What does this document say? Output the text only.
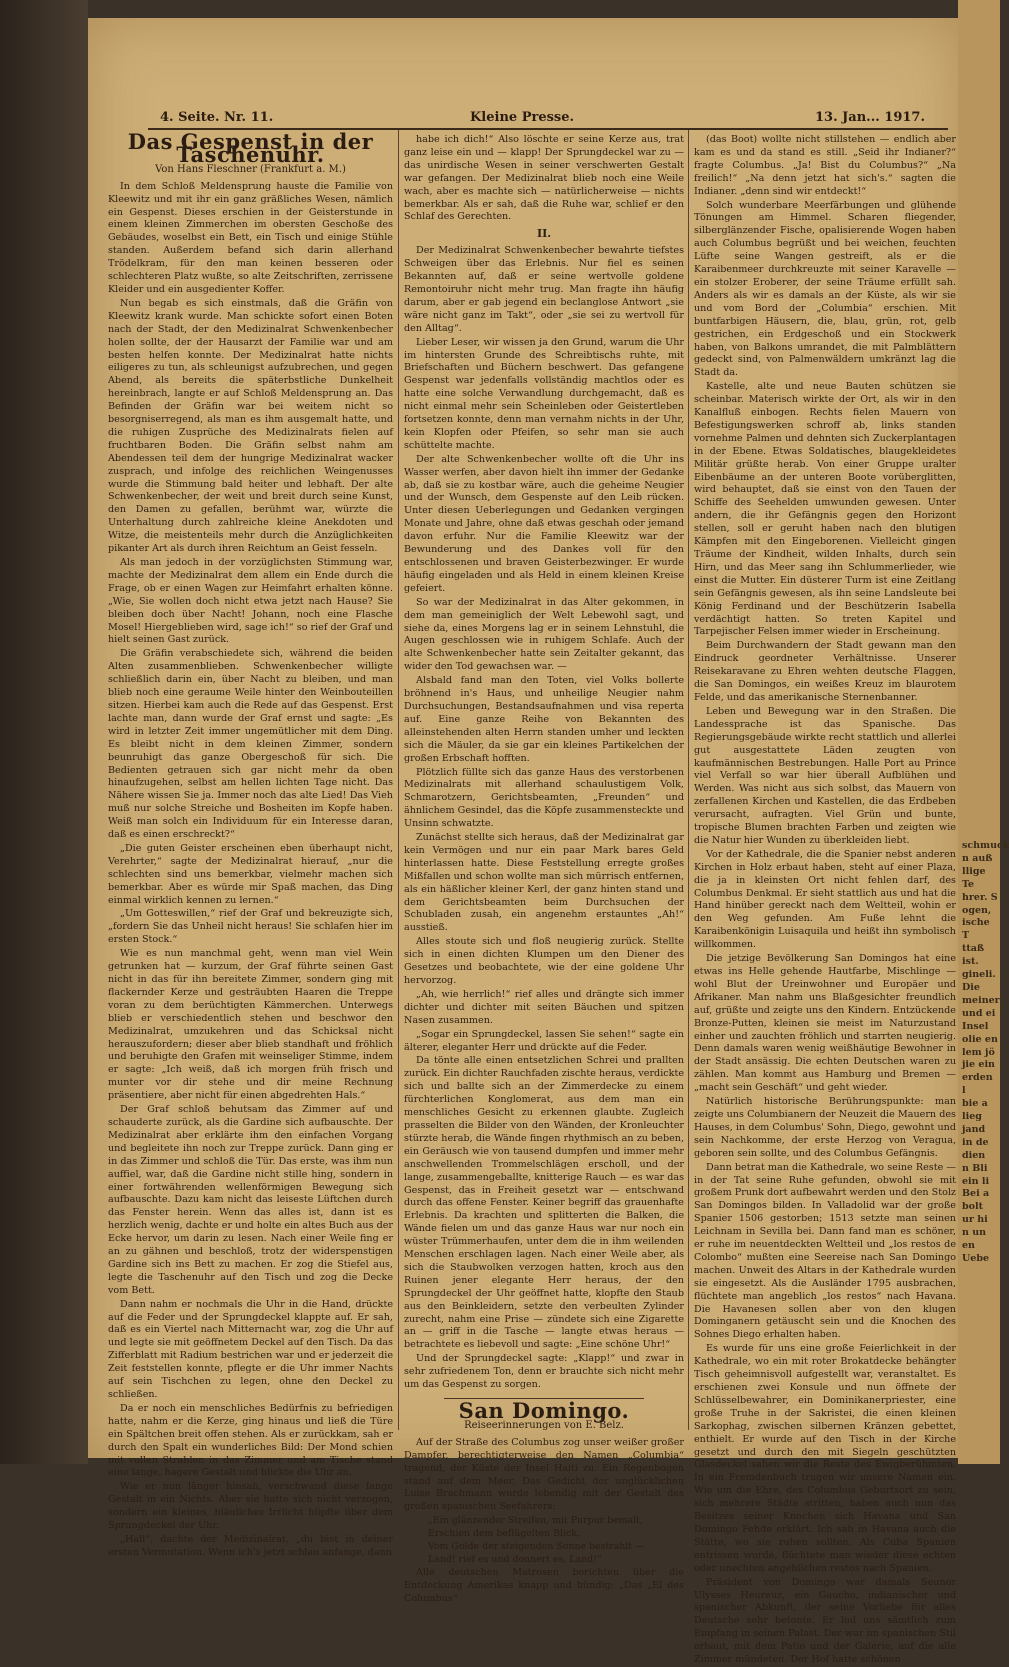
schmuck
n auß
llige Te
hrer. S
ogen,
ische T
ttaß
ist.
gineli.
Die
meiner
und ei
Insel
olie en
lem jö
jie ein
erden l
bie a
lieg
jand
in de
dien
n Bli
ein li
Bei a
bolt
ur hi
n un
en
Uebe
4. Seite. Nr. 11.	Kleine Presse.	13. Jan... 1917.
Das Gespenst in der Taschenuhr.
Von Hans Fleschner (Frankfurt a. M.)

In dem Schloß Meldensprung hauste die Familie von Kleewitz und mit ihr ein ganz gräßliches Wesen, nämlich ein Gespenst. Dieses erschien in der Geisterstunde in einem kleinen Zimmerchen im obersten Geschoße des Gebäudes, woselbst ein Bett, ein Tisch und einige Stühle standen. Außerdem befand sich darin allerhand Trödelkram, für den man keinen besseren oder schlechteren Platz wußte, so alte Zeitschriften, zerrissene Kleider und ein ausgedienter Koffer.

Nun begab es sich einstmals, daß die Gräfin von Kleewitz krank wurde. Man schickte sofort einen Boten nach der Stadt, der den Medizinalrat Schwenkenbecher holen sollte, der der Hausarzt der Familie war und am besten helfen konnte. Der Medizinalrat hatte nichts eiligeres zu tun, als schleunigst aufzubrechen, und gegen Abend, als bereits die späterbstliche Dunkelheit hereinbrach, langte er auf Schloß Meldensprung an. Das Befinden der Gräfin war bei weitem nicht so besorgniserregend, als man es ihm ausgemalt hatte, und die ruhigen Zusprüche des Medizinalrats fielen auf fruchtbaren Boden. Die Gräfin selbst nahm am Abendessen teil dem der hungrige Medizinalrat wacker zusprach, und infolge des reichlichen Weingenusses wurde die Stimmung bald heiter und lebhaft. Der alte Schwenkenbecher, der weit und breit durch seine Kunst, den Damen zu gefallen, berühmt war, würzte die Unterhaltung durch zahlreiche kleine Anekdoten und Witze, die meistenteils mehr durch die Anzüglichkeiten pikanter Art als durch ihren Reichtum an Geist fesseln.

Als man jedoch in der vorzüglichsten Stimmung war, machte der Medizinalrat dem allem ein Ende durch die Frage, ob er einen Wagen zur Heimfahrt erhalten könne. „Wie, Sie wollen doch nicht etwa jetzt nach Hause? Sie bleiben doch über Nacht! Johann, noch eine Flasche Mosel! Hiergeblieben wird, sage ich!“ so rief der Graf und hielt seinen Gast zurück.

Die Gräfin verabschiedete sich, während die beiden Alten zusammenblieben. Schwenkenbecher willigte schließlich darin ein, über Nacht zu bleiben, und man blieb noch eine geraume Weile hinter den Weinbouteillen sitzen. Hierbei kam auch die Rede auf das Gespenst. Erst lachte man, dann wurde der Graf ernst und sagte: „Es wird in letzter Zeit immer ungemütlicher mit dem Ding. Es bleibt nicht in dem kleinen Zimmer, sondern beunruhigt das ganze Obergeschoß für sich. Die Bedienten getrauen sich gar nicht mehr da oben hinaufzugehen, selbst am hellen lichten Tage nicht. Das Nähere wissen Sie ja. Immer noch das alte Lied! Das Vieh muß nur solche Streiche und Bosheiten im Kopfe haben. Weiß man solch ein Individuum für ein Interesse daran, daß es einen erschreckt?“

„Die guten Geister erscheinen eben überhaupt nicht, Verehrter,“ sagte der Medizinalrat hierauf, „nur die schlechten sind uns bemerkbar, vielmehr machen sich bemerkbar. Aber es würde mir Spaß machen, das Ding einmal wirklich kennen zu lernen.“

„Um Gotteswillen,“ rief der Graf und bekreuzigte sich, „fordern Sie das Unheil nicht heraus! Sie schlafen hier im ersten Stock.“

Wie es nun manchmal geht, wenn man viel Wein getrunken hat — kurzum, der Graf führte seinen Gast nicht in das für ihn bereitete Zimmer, sondern ging mit flackernder Kerze und gesträubten Haaren die Treppe voran zu dem berüchtigten Kämmerchen. Unterwegs blieb er verschiedentlich stehen und beschwor den Medizinalrat, umzukehren und das Schicksal nicht herauszufordern; dieser aber blieb standhaft und fröhlich und beruhigte den Grafen mit weinseliger Stimme, indem er sagte: „Ich weiß, daß ich morgen früh frisch und munter vor dir stehe und dir meine Rechnung präsentiere, aber nicht für einen abgedrehten Hals.“

Der Graf schloß behutsam das Zimmer auf und schauderte zurück, als die Gardine sich aufbauschte. Der Medizinalrat aber erklärte ihm den einfachen Vorgang und begleitete ihn noch zur Treppe zurück. Dann ging er in das Zimmer und schloß die Tür. Das erste, was ihm nun auffiel, war, daß die Gardine nicht stille hing, sondern in einer fortwährenden wellenförmigen Bewegung sich aufbauschte. Dazu kam nicht das leiseste Lüftchen durch das Fenster herein. Wenn das alles ist, dann ist es herzlich wenig, dachte er und holte ein altes Buch aus der Ecke hervor, um darin zu lesen. Nach einer Weile fing er an zu gähnen und beschloß, trotz der widerspenstigen Gardine sich ins Bett zu machen. Er zog die Stiefel aus, legte die Taschenuhr auf den Tisch und zog die Decke vom Bett.

Dann nahm er nochmals die Uhr in die Hand, drückte auf die Feder und der Sprungdeckel klappte auf. Er sah, daß es ein Viertel nach Mitternacht war, zog die Uhr auf und legte sie mit geöffnetem Deckel auf den Tisch. Da das Zifferblatt mit Radium bestrichen war und er jederzeit die Zeit feststellen konnte, pflegte er die Uhr immer Nachts auf sein Tischchen zu legen, ohne den Deckel zu schließen.

Da er noch ein menschliches Bedürfnis zu befriedigen hatte, nahm er die Kerze, ging hinaus und ließ die Türe ein Spältchen breit offen stehen. Als er zurückkam, sah er durch den Spalt ein wunderliches Bild: Der Mond schien mit vollen Strahlen in das Zimmer und am Tische stand eine lange, hagere Gestalt und blickte die Uhr an.

Wie er nun länger hinsah, verschwand diese lange Gestalt in ein Nichts. Aber sie hatte sich nicht verzogen, sondern ein kleines, bläuliches Irrlicht hüpfte über dem Sprungdeckel der Uhr.

„Hall“, dachte der Medizinalrat, „du bist in deiner ersten Vermutation. Wenn ich's jetzt schlau anfange, dann

habe ich dich!“ Also löschte er seine Kerze aus, trat ganz leise ein und — klapp! Der Sprungdeckel war zu — das unirdische Wesen in seiner verschwerten Gestalt war gefangen. Der Medizinalrat blieb noch eine Weile wach, aber es machte sich — natürlicherweise — nichts bemerkbar. Als er sah, daß die Ruhe war, schlief er den Schlaf des Gerechten.

II.

Der Medizinalrat Schwenkenbecher bewahrte tiefstes Schweigen über das Erlebnis. Nur fiel es seinen Bekannten auf, daß er seine wertvolle goldene Remontoiruhr nicht mehr trug. Man fragte ihn häufig darum, aber er gab jegend ein beclanglose Antwort „sie wäre nicht ganz im Takt“, oder „sie sei zu wertvoll für den Alltag“.

Lieber Leser, wir wissen ja den Grund, warum die Uhr im hintersten Grunde des Schreibtischs ruhte, mit Briefschaften und Büchern beschwert. Das gefangene Gespenst war jedenfalls vollständig machtlos oder es hatte eine solche Verwandlung durchgemacht, daß es nicht einmal mehr sein Scheinleben oder Geistertleben fortsetzen konnte, denn man vernahm nichts in der Uhr, kein Klopfen oder Pfeifen, so sehr man sie auch schüttelte machte.

Der alte Schwenkenbecher wollte oft die Uhr ins Wasser werfen, aber davon hielt ihn immer der Gedanke ab, daß sie zu kostbar wäre, auch die geheime Neugier und der Wunsch, dem Gespenste auf den Leib rücken. Unter diesen Ueberlegungen und Gedanken vergingen Monate und Jahre, ohne daß etwas geschah oder jemand davon erfuhr. Nur die Familie Kleewitz war der Bewunderung und des Dankes voll für den entschlossenen und braven Geisterbezwinger. Er wurde häufig eingeladen und als Held in einem kleinen Kreise gefeiert.

So war der Medizinalrat in das Alter gekommen, in dem man gemeiniglich der Welt Lebewohl sagt, und siehe da, eines Morgens lag er in seinem Lehnstuhl, die Augen geschlossen wie in ruhigem Schlafe. Auch der alte Schwenkenbecher hatte sein Zeitalter gekannt, das wider den Tod gewachsen war. —

Alsbald fand man den Toten, viel Volks bollerte bröhnend in's Haus, und unheilige Neugier nahm Durchsuchungen, Bestandsaufnahmen und visa reperta auf. Eine ganze Reihe von Bekannten des alleinstehenden alten Herrn standen umher und leckten sich die Mäuler, da sie gar ein kleines Partikelchen der großen Erbschaft hofften.

Plötzlich füllte sich das ganze Haus des verstorbenen Medizinalrats mit allerhand schaulustigem Volk, Schmarotzern, Gerichtsbeamten, „Freunden“ und ähnlichem Gesindel, das die Köpfe zusammensteckte und Unsinn schwatzte.

Zunächst stellte sich heraus, daß der Medizinalrat gar kein Vermögen und nur ein paar Mark bares Geld hinterlassen hatte. Diese Feststellung erregte großes Mißfallen und schon wollte man sich mürrisch entfernen, als ein häßlicher kleiner Kerl, der ganz hinten stand und dem Gerichtsbeamten beim Durchsuchen der Schubladen zusah, ein angenehm erstauntes „Ah!“ ausstieß.

Alles stoute sich und floß neugierig zurück. Stellte sich in einen dichten Klumpen um den Diener des Gesetzes und beobachtete, wie der eine goldene Uhr hervorzog.

„Ah, wie herrlich!“ rief alles und drängte sich immer dichter und dichter mit seiten Bäuchen und spitzen Nasen zusammen.

„Sogar ein Sprungdeckel, lassen Sie sehen!“ sagte ein älterer, eleganter Herr und drückte auf die Feder.

Da tönte alle einen entsetzlichen Schrei und prallten zurück. Ein dichter Rauchfaden zischte heraus, verdickte sich und ballte sich an der Zimmerdecke zu einem fürchterlichen Konglomerat, aus dem man ein menschliches Gesicht zu erkennen glaubte. Zugleich prasselten die Bilder von den Wänden, der Kronleuchter stürzte herab, die Wände fingen rhythmisch an zu beben, ein Geräusch wie von tausend dumpfen und immer mehr anschwellenden Trommelschlägen erscholl, und der lange, zusammengeballte, knitterige Rauch — es war das Gespenst, das in Freiheit gesetzt war — entschwand durch das offene Fenster. Keiner begriff das grauenhafte Erlebnis. Da krachten und splitterten die Balken, die Wände fielen um und das ganze Haus war nur noch ein wüster Trümmerhaufen, unter dem die in ihm weilenden Menschen erschlagen lagen. Nach einer Weile aber, als sich die Staubwolken verzogen hatten, kroch aus den Ruinen jener elegante Herr heraus, der den Sprungdeckel der Uhr geöffnet hatte, klopfte den Staub aus den Beinkleidern, setzte den verbeulten Zylinder zurecht, nahm eine Prise — zündete sich eine Zigarette an — griff in die Tasche — langte etwas heraus — betrachtete es liebevoll und sagte: „Eine schöne Uhr!“

Und der Sprungdeckel sagte: „Klapp!“ und zwar in sehr zufriedenem Ton, denn er brauchte sich nicht mehr um das Gespenst zu sorgen.

San Domingo.
Reiseerinnerungen von E. Belz.

Auf der Straße des Columbus zog unser weißer großer Dampfer, berechtigterweise den Namen „Columbia“ tragend, der Küste der Insel Haiti zu. Ein Regenbogen stand auf dem Meer. Das Gedicht der unglücklichen Luise Brachmann wurde lebendig mit der Gestalt des großen spanischen Seefahrers:

„Ein glänzender Streifen, mit Purpur bemalt,
Erschien dem beflügelten Blick,
Vom Golde der steigenden Sonne bestrahlt —
Land! rief es und donnert es, Land!“

Alle deutschen Matrosen berichten über die Entdeckung Amerikas knapp und bündig: „Das „El des Columbus“

(das Boot) wollte nicht stillstehen — endlich aber kam es und da stand es still. „Seid ihr Indianer?“ fragte Columbus. „Ja! Bist du Columbus?“ „Na freilich!“ „Na denn jetzt hat sich's.“ sagten die Indianer. „denn sind wir entdeckt!“

Solch wunderbare Meerfärbungen und glühende Tönungen am Himmel. Scharen fliegender, silberglänzender Fische, opalisierende Wogen haben auch Columbus begrüßt und bei weichen, feuchten Lüfte seine Wangen gestreift, als er die Karaibenmeer durchkreuzte mit seiner Karavelle — ein stolzer Eroberer, der seine Träume erfüllt sah. Anders als wir es damals an der Küste, als wir sie und vom Bord der „Columbia“ erschien. Mit buntfarbigen Häusern, die, blau, grün, rot, gelb gestrichen, ein Erdgeschoß und ein Stockwerk haben, von Balkons umrandet, die mit Palmblättern gedeckt sind, von Palmenwäldern umkränzt lag die Stadt da.

Kastelle, alte und neue Bauten schützen sie scheinbar. Materisch wirkte der Ort, als wir in den Kanalfluß einbogen. Rechts fielen Mauern von Befestigungswerken schroff ab, links standen vornehme Palmen und dehnten sich Zuckerplantagen in der Ebene. Etwas Soldatisches, blaugekleidetes Militär grüßte herab. Von einer Gruppe uralter Eibenbäume an der unteren Boote vorüberglitten, wird behauptet, daß sie einst von den Tauen der Schiffe des Seehelden umwunden gewesen. Unter andern, die ihr Gefängnis gegen den Horizont stellen, soll er geruht haben nach den blutigen Kämpfen mit den Eingeborenen. Vielleicht gingen Träume der Kindheit, wilden Inhalts, durch sein Hirn, und das Meer sang ihn Schlummerlieder, wie einst die Mutter. Ein düsterer Turm ist eine Zeitlang sein Gefängnis gewesen, als ihn seine Landsleute bei König Ferdinand und der Beschützerin Isabella verdächtigt hatten. So treten Kapitel und Tarpejischer Felsen immer wieder in Erscheinung.

Beim Durchwandern der Stadt gewann man den Eindruck geordneter Verhältnisse. Unserer Reisekaravane zu Ehren wehten deutsche Flaggen, die San Domingos, ein weißes Kreuz im blaurotem Felde, und das amerikanische Sternenbanner.

Leben und Bewegung war in den Straßen. Die Landessprache ist das Spanische. Das Regierungsgebäude wirkte recht stattlich und allerlei gut ausgestattete Läden zeugten von kaufmännischen Bestrebungen. Halle Port au Prince viel Verfall so war hier überall Aufblühen und Werden. Was nicht aus sich solbst, das Mauern von zerfallenen Kirchen und Kastellen, die das Erdbeben verursacht, aufragten. Viel Grün und bunte, tropische Blumen brachten Farben und zeigten wie die Natur hier Wunden zu überkleiden liebt.

Vor der Kathedrale, die die Spanier nebst anderen Kirchen in Holz erbaut haben, steht auf einer Plaza, die ja in kleinsten Ort nicht fehlen darf, des Columbus Denkmal. Er sieht stattlich aus und hat die Hand hinüber gereckt nach dem Weltteil, wohin er den Weg gefunden. Am Fuße lehnt die Karaibenkönigin Luisaquila und heißt ihn symbolisch willkommen.

Die jetzige Bevölkerung San Domingos hat eine etwas ins Helle gehende Hautfarbe, Mischlinge — wohl Blut der Ureinwohner und Europäer und Afrikaner. Man nahm uns Blaßgesichter freundlich auf, grüßte und zeigte uns den Kindern. Entzückende Bronze-Putten, kleinen sie meist im Naturzustand einher und zauchten fröhlich und starrten neugierig. Denn damals waren wenig weißhäutige Bewohner in der Stadt ansässig. Die echten Deutschen waren zu zählen. Man kommt aus Hamburg und Bremen — „macht sein Geschäft“ und geht wieder.

Natürlich historische Berührungspunkte: man zeigte uns Columbianern der Neuzeit die Mauern des Hauses, in dem Columbus' Sohn, Diego, gewohnt und sein Nachkomme, der erste Herzog von Veragua, geboren sein sollte, und des Columbus Gefängnis.

Dann betrat man die Kathedrale, wo seine Reste — in der Tat seine Ruhe gefunden, obwohl sie mit großem Prunk dort aufbewahrt werden und den Stolz San Domingos bilden. In Valladolid war der große Spanier 1506 gestorben; 1513 setzte man seinen Leichnam in Sevilla bei. Dann fand man es schöner, er ruhe im neuentdeckten Weltteil und „los restos de Colombo“ mußten eine Seereise nach San Domingo machen. Unweit des Altars in der Kathedrale wurden sie eingesetzt. Als die Ausländer 1795 ausbrachen, flüchtete man angeblich „los restos“ nach Havana. Die Havanesen sollen aber von den klugen Dominganern getäuscht sein und die Knochen des Sohnes Diego erhalten haben.

Es wurde für uns eine große Feierlichkeit in der Kathedrale, wo ein mit roter Brokatdecke behängter Tisch geheimnisvoll aufgestellt war, veranstaltet. Es erschienen zwei Konsule und nun öffnete der Schlüsselbewahrer, ein Dominikanerpriester, eine große Truhe in der Sakristei, die einen kleinen Sarkophag, zwischen silbernen Kränzen gebettet, enthielt. Er wurde auf den Tisch in der Kirche gesetzt und durch den mit Siegeln geschützten Glasdeckel sahen wir die Reste des Ewigberühmten. In ein Fremdenbuch trugen wir unsere Namen ein. Wie um die Ehre, des Columbus Geburtsort zu sein, sich mehrere Städte stritten, haben auch nun das Besitzes seiner Knochen sich Havana und San Domingo Fehde erklärt. Ich sah in Havana auch die Stätte, wo sie ruhen sollten. Als Cuba Spanien entrissen wurde, flüchtete man wieder diese echten oder unechten angeblichen restos nach Spanien.

Präsident von Domingo war damals Seunor Ulysses Heureuz, ein Gaucho, indianischer und spanischer Abkunft, der seine Vorliebe für alles Deutsche sehr betonte. Er lud uns sämtlich zum Empfang in seinen Palast. Der war im spanischen Stil erbaut, mit dem Patio und der Galerie, auf die alle Zimmer mündeten. Der Hof hatte schönen
